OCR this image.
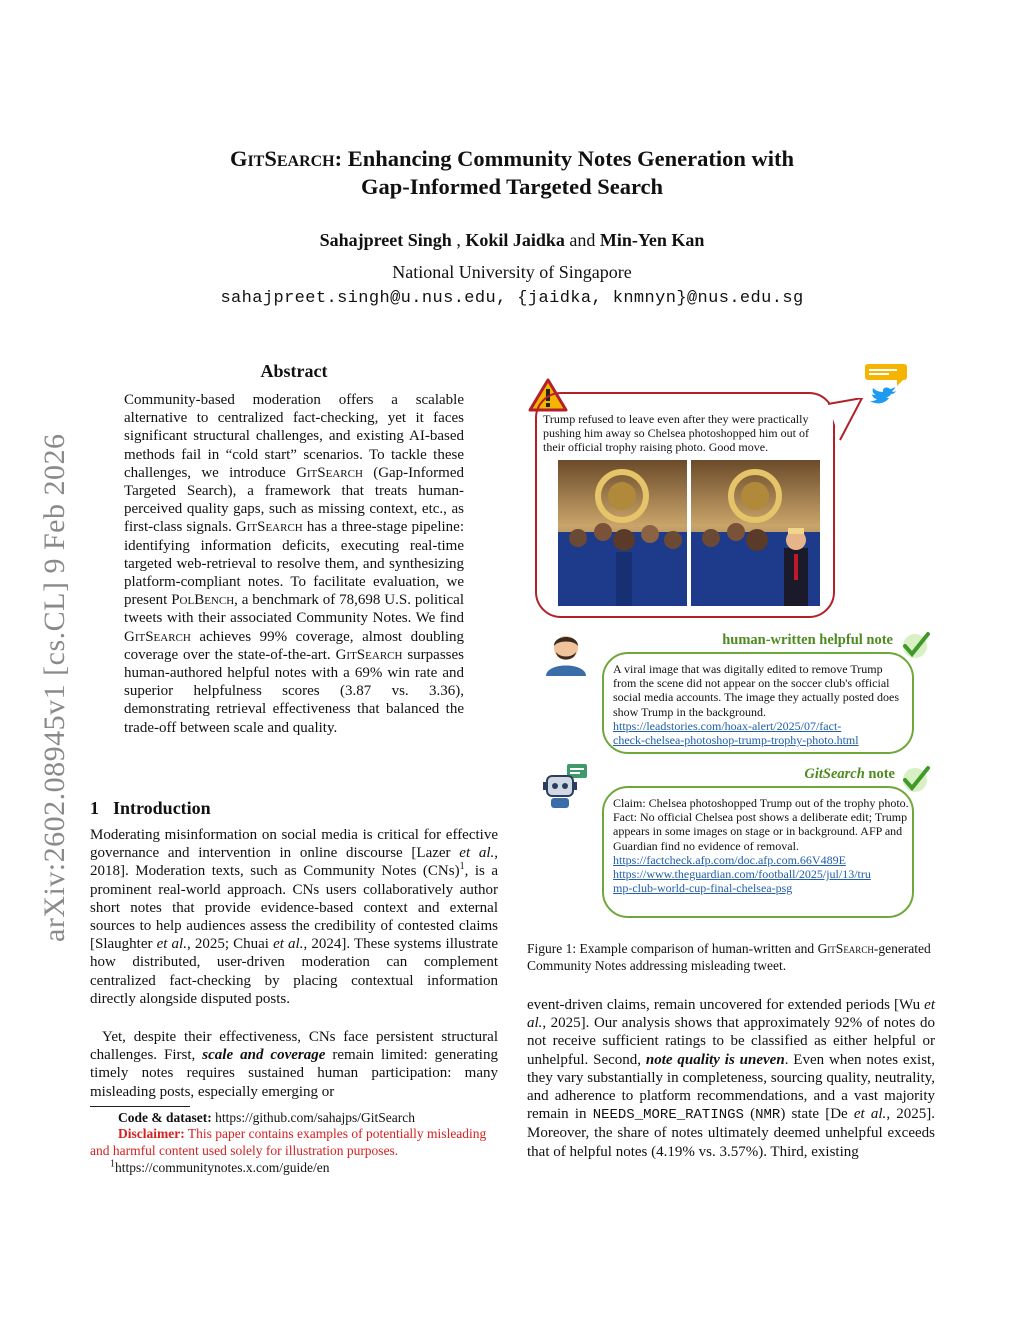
arXiv:2602.08945v1 [cs.CL] 9 Feb 2026
GitSearch: Enhancing Community Notes Generation with
Gap-Informed Targeted Search
Sahajpreet Singh , Kokil Jaidka and Min-Yen Kan
National University of Singapore
sahajpreet.singh@u.nus.edu, {jaidka, knmnyn}@nus.edu.sg
Abstract
Community-based moderation offers a scalable alternative to centralized fact-checking, yet it faces significant structural challenges, and existing AI-based methods fail in “cold start” scenarios. To tackle these challenges, we introduce GitSearch (Gap-Informed Targeted Search), a framework that treats human-perceived quality gaps, such as missing context, etc., as first-class signals. GitSearch has a three-stage pipeline: identifying information deficits, executing real-time targeted web-retrieval to resolve them, and synthesizing platform-compliant notes. To facilitate evaluation, we present PolBench, a benchmark of 78,698 U.S. political tweets with their associated Community Notes. We find GitSearch achieves 99% coverage, almost doubling coverage over the state-of-the-art. GitSearch surpasses human-authored helpful notes with a 69% win rate and superior helpfulness scores (3.87 vs. 3.36), demonstrating retrieval effectiveness that balanced the trade-off between scale and quality.
1 Introduction
Moderating misinformation on social media is critical for effective governance and intervention in online discourse [Lazer et al., 2018]. Moderation texts, such as Community Notes (CNs)$^1$, is a prominent real-world approach. CNs users collaboratively author short notes that provide evidence-based context and external sources to help audiences assess the credibility of contested claims [Slaughter et al., 2025; Chuai et al., 2024]. These systems illustrate how distributed, user-driven moderation can complement centralized fact-checking by placing contextual information directly alongside disputed posts.
Yet, despite their effectiveness, CNs face persistent structural challenges. First, scale and coverage remain limited: generating timely notes requires sustained human participation: many misleading posts, especially emerging or
Code & dataset: https://github.com/sahajps/GitSearch
Disclaimer: This paper contains examples of potentially misleading and harmful content used solely for illustration purposes.
$^1$https://communitynotes.x.com/guide/en
Trump refused to leave even after they were practically pushing him away so Chelsea photoshopped him out of their official trophy raising photo. Good move.
human-written helpful note
A viral image that was digitally edited to remove Trump from the scene did not appear on the soccer club's official social media accounts. The image they actually posted does show Trump in the background.
https://leadstories.com/hoax-alert/2025/07/fact-
check-chelsea-photoshop-trump-trophy-photo.html
GitSearch note
Claim: Chelsea photoshopped Trump out of the trophy photo. Fact: No official Chelsea post shows a deliberate edit; Trump appears in some images on stage or in background. AFP and Guardian find no evidence of removal.
https://factcheck.afp.com/doc.afp.com.66V489E
https://www.theguardian.com/football/2025/jul/13/tru
mp-club-world-cup-final-chelsea-psg
Figure 1: Example comparison of human-written and GitSearch-generated Community Notes addressing misleading tweet.
event-driven claims, remain uncovered for extended periods [Wu et al., 2025]. Our analysis shows that approximately 92% of notes do not receive sufficient ratings to be classified as either helpful or unhelpful. Second, note quality is uneven. Even when notes exist, they vary substantially in completeness, sourcing quality, neutrality, and adherence to platform recommendations, and a vast majority remain in NEEDS_MORE_RATINGS (NMR) state [De et al., 2025]. Moreover, the share of notes ultimately deemed unhelpful exceeds that of helpful notes (4.19% vs. 3.57%). Third, existing
